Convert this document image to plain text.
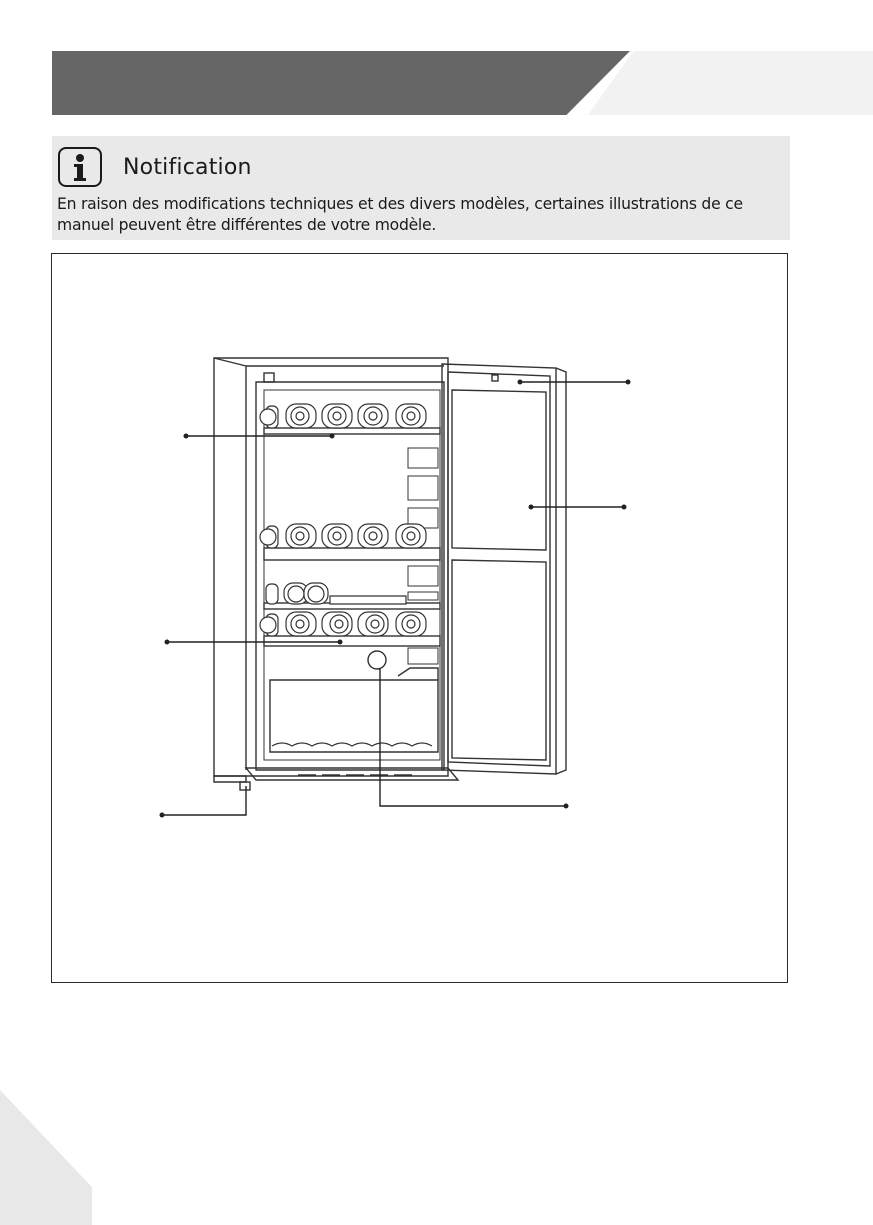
Notification
En raison des modifications techniques et des divers modèles, certaines illustrations de ce manuel peuvent être différentes de votre modèle.
